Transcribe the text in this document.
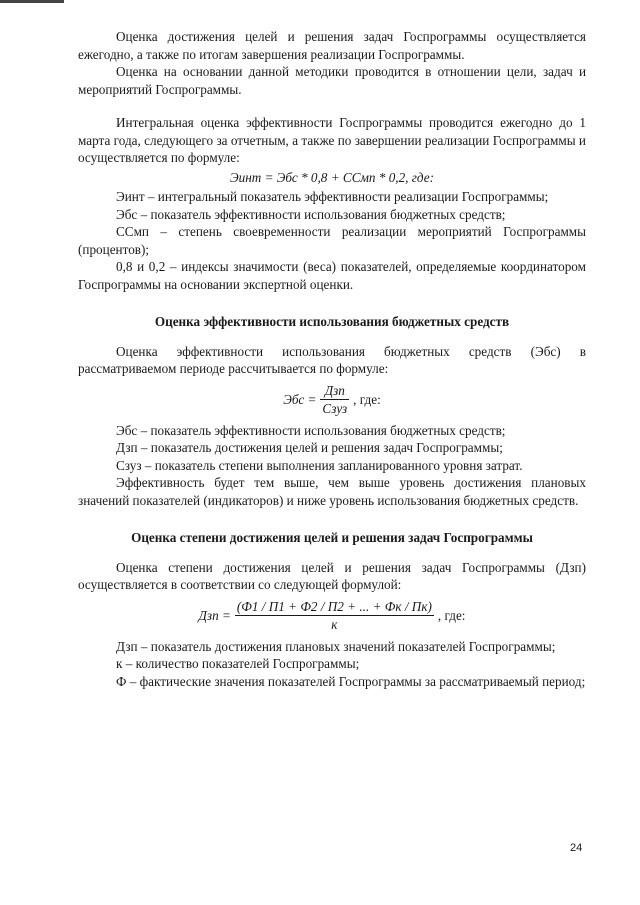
Оценка достижения целей и решения задач Госпрограммы осуществляется ежегодно, а также по итогам завершения реализации Госпрограммы.

Оценка на основании данной методики проводится в отношении цели, задач и мероприятий Госпрограммы.

Интегральная оценка эффективности Госпрограммы проводится ежегодно до 1 марта года, следующего за отчетным, а также по завершении реализации Госпрограммы и осуществляется по формуле:

Эинт = Эбс * 0,8 + ССмп * 0,2, где:

Эинт – интегральный показатель эффективности реализации Госпрограммы;

Эбс – показатель эффективности использования бюджетных средств;

ССмп – степень своевременности реализации мероприятий Госпрограммы (процентов);

0,8 и 0,2 – индексы значимости (веса) показателей, определяемые координатором Госпрограммы на основании экспертной оценки.

Оценка эффективности использования бюджетных средств

Оценка эффективности использования бюджетных средств (Эбс) в рассматриваемом периоде рассчитывается по формуле:

Эбс = $\frac{\text{Дзп}}{\text{Сзуз}}$ , где:

Эбс – показатель эффективности использования бюджетных средств;

Дзп – показатель достижения целей и решения задач Госпрограммы;

Сзуз – показатель степени выполнения запланированного уровня затрат.

Эффективность будет тем выше, чем выше уровень достижения плановых значений показателей (индикаторов) и ниже уровень использования бюджетных средств.

Оценка степени достижения целей и решения задач Госпрограммы

Оценка степени достижения целей и решения задач Госпрограммы (Дзп) осуществляется в соответствии со следующей формулой:

Дзп = $\frac{(Ф1 / П1 + Ф2 / П2 + ... + Фк / Пк)}{к}$ , где:

Дзп – показатель достижения плановых значений показателей Госпрограммы;

к – количество показателей Госпрограммы;

Ф – фактические значения показателей Госпрограммы за рассматриваемый период;

24
